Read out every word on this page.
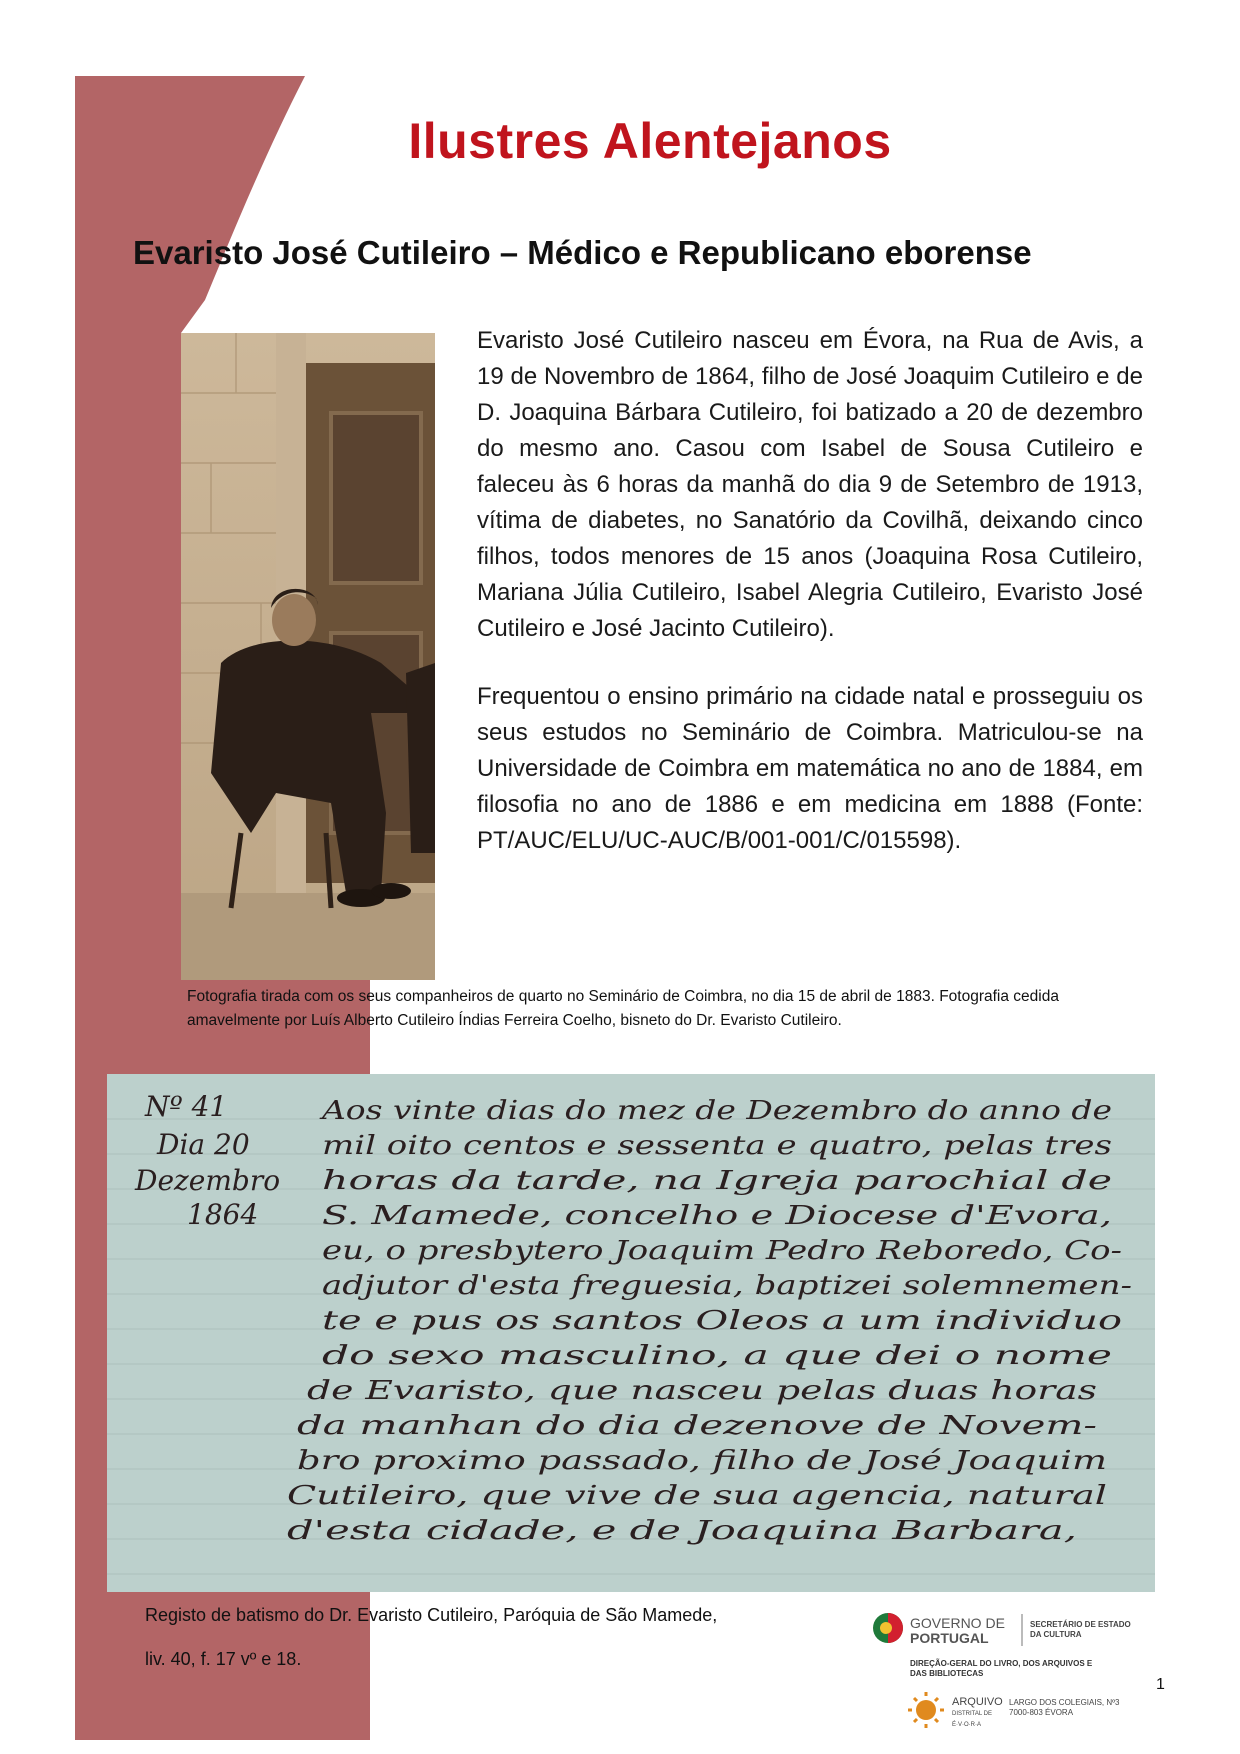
Ilustres Alentejanos
Evaristo José Cutileiro – Médico e Republicano eborense

Evaristo José Cutileiro nasceu em Évora, na Rua de Avis, a 19 de Novembro de 1864, filho de José Joaquim Cutileiro e de D. Joaquina Bárbara Cutileiro, foi batizado a 20 de dezembro do mesmo ano. Casou com Isabel de Sousa Cutileiro e faleceu às 6 horas da manhã do dia 9 de Setembro de 1913, vítima de diabetes, no Sanatório da Covilhã, deixando cinco filhos, todos menores de 15 anos (Joaquina Rosa Cutileiro, Mariana Júlia Cutileiro, Isabel Alegria Cutileiro, Evaristo José Cutileiro e José Jacinto Cutileiro).

Frequentou o ensino primário na cidade natal e prosseguiu os seus estudos no Seminário de Coimbra. Matriculou-se na Universidade de Coimbra em matemática no ano de 1884, em filosofia no ano de 1886 e em medicina em 1888 (Fonte: PT/AUC/ELU/UC-AUC/B/001-001/C/015598).

Fotografia tirada com os seus companheiros de quarto no Seminário de Coimbra, no dia 15 de abril de 1883. Fotografia cedida amavelmente por Luís Alberto Cutileiro Índias Ferreira Coelho, bisneto do Dr. Evaristo Cutileiro.

Nº 41
Dia 20
Dezembro
1864
Aos vinte dias do mez de Dezembro do anno de
mil oito centos e sessenta e quatro, pelas tres
horas da tarde, na Igreja parochial de
S. Mamede, concelho e Diocese d'Evora,
eu, o presbytero Joaquim Pedro Reboredo, Co-
adjutor d'esta freguesia, baptizei solemnemen-
te e pus os santos Oleos a um individuo
do sexo masculino, a que dei o nome
de Evaristo, que nasceu pelas duas horas
da manhan do dia dezenove de Novem-
bro proximo passado, filho de José Joaquim
Cutileiro, que vive de sua agencia, natural
d'esta cidade, e de Joaquina Barbara,
Registo de batismo do Dr. Evaristo Cutileiro, Paróquia de São Mamede,
liv. 40, f. 17 vº e 18.
GOVERNO DE
PORTUGAL
SECRETÁRIO DE ESTADO
DA CULTURA
DIREÇÃO-GERAL DO LIVRO, DOS ARQUIVOS E
DAS BIBLIOTECAS
ARQUIVO
DISTRITAL DE
É·V·O·R·A
LARGO DOS COLEGIAIS, Nº3
7000-803 ÉVORA
1
